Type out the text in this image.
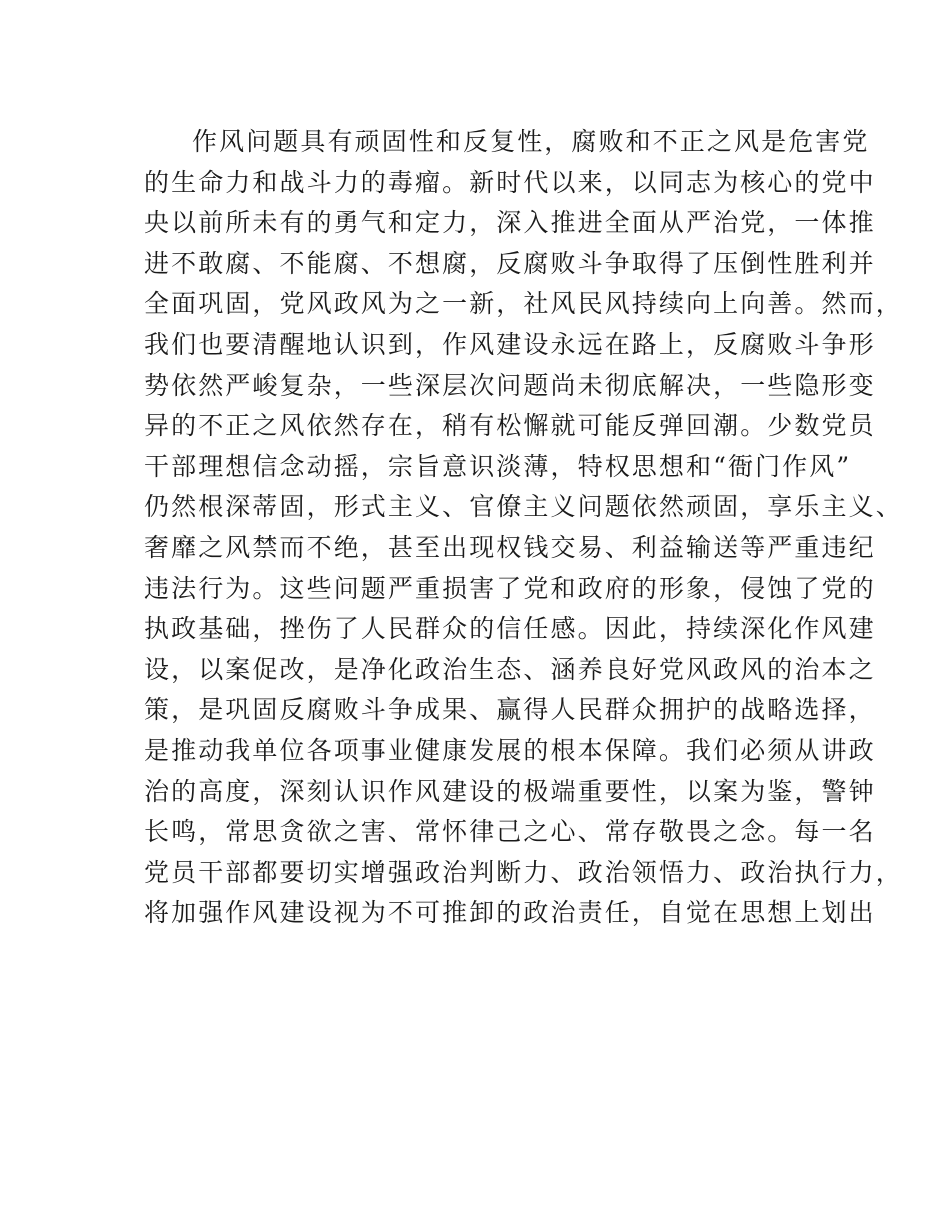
作风问题具有顽固性和反复性，腐败和不正之风是危害党
的生命力和战斗力的毒瘤。新时代以来，以同志为核心的党中
央以前所未有的勇气和定力，深入推进全面从严治党，一体推
进不敢腐、不能腐、不想腐，反腐败斗争取得了压倒性胜利并
全面巩固，党风政风为之一新，社风民风持续向上向善。然而，
我们也要清醒地认识到，作风建设永远在路上，反腐败斗争形
势依然严峻复杂，一些深层次问题尚未彻底解决，一些隐形变
异的不正之风依然存在，稍有松懈就可能反弹回潮。少数党员
干部理想信念动摇，宗旨意识淡薄，特权思想和“衙门作风”
仍然根深蒂固，形式主义、官僚主义问题依然顽固，享乐主义、
奢靡之风禁而不绝，甚至出现权钱交易、利益输送等严重违纪
违法行为。这些问题严重损害了党和政府的形象，侵蚀了党的
执政基础，挫伤了人民群众的信任感。因此，持续深化作风建
设，以案促改，是净化政治生态、涵养良好党风政风的治本之
策，是巩固反腐败斗争成果、赢得人民群众拥护的战略选择，
是推动我单位各项事业健康发展的根本保障。我们必须从讲政
治的高度，深刻认识作风建设的极端重要性，以案为鉴，警钟
长鸣，常思贪欲之害、常怀律己之心、常存敬畏之念。每一名
党员干部都要切实增强政治判断力、政治领悟力、政治执行力，
将加强作风建设视为不可推卸的政治责任，自觉在思想上划出
